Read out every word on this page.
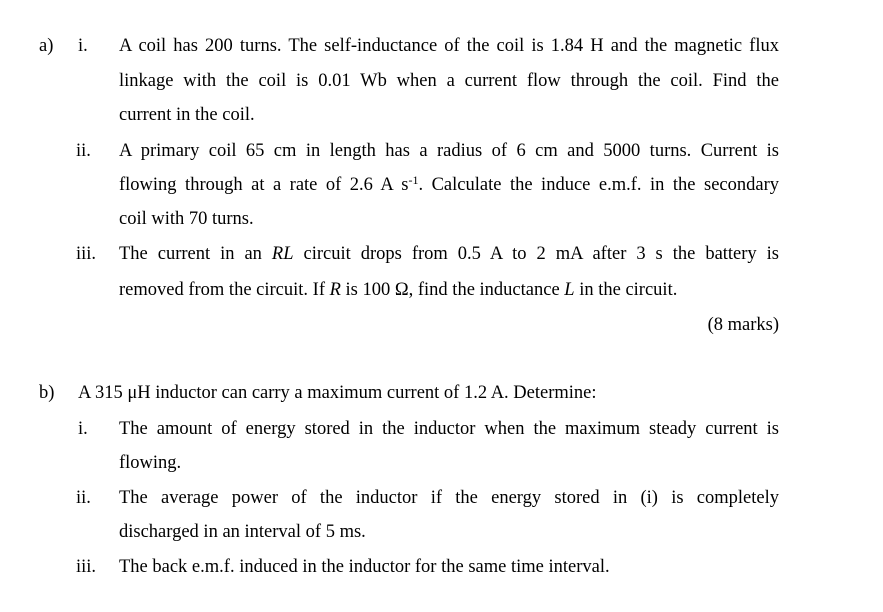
a) i. A coil has 200 turns. The self-inductance of the coil is 1.84 H and the magnetic flux
linkage with the coil is 0.01 Wb when a current flow through the coil. Find the
current in the coil.
ii. A primary coil 65 cm in length has a radius of 6 cm and 5000 turns. Current is
flowing through at a rate of 2.6 A $s^{-1}$. Calculate the induce e.m.f. in the secondary
coil with 70 turns.
iii. The current in an RL circuit drops from 0.5 A to 2 mA after 3 s the battery is
removed from the circuit. If R is 100 Ω, find the inductance L in the circuit.
(8 marks)
b) A 315 μH inductor can carry a maximum current of 1.2 A. Determine:
i. The amount of energy stored in the inductor when the maximum steady current is
flowing.
ii. The average power of the inductor if the energy stored in (i) is completely
discharged in an interval of 5 ms.
iii. The back e.m.f. induced in the inductor for the same time interval.
